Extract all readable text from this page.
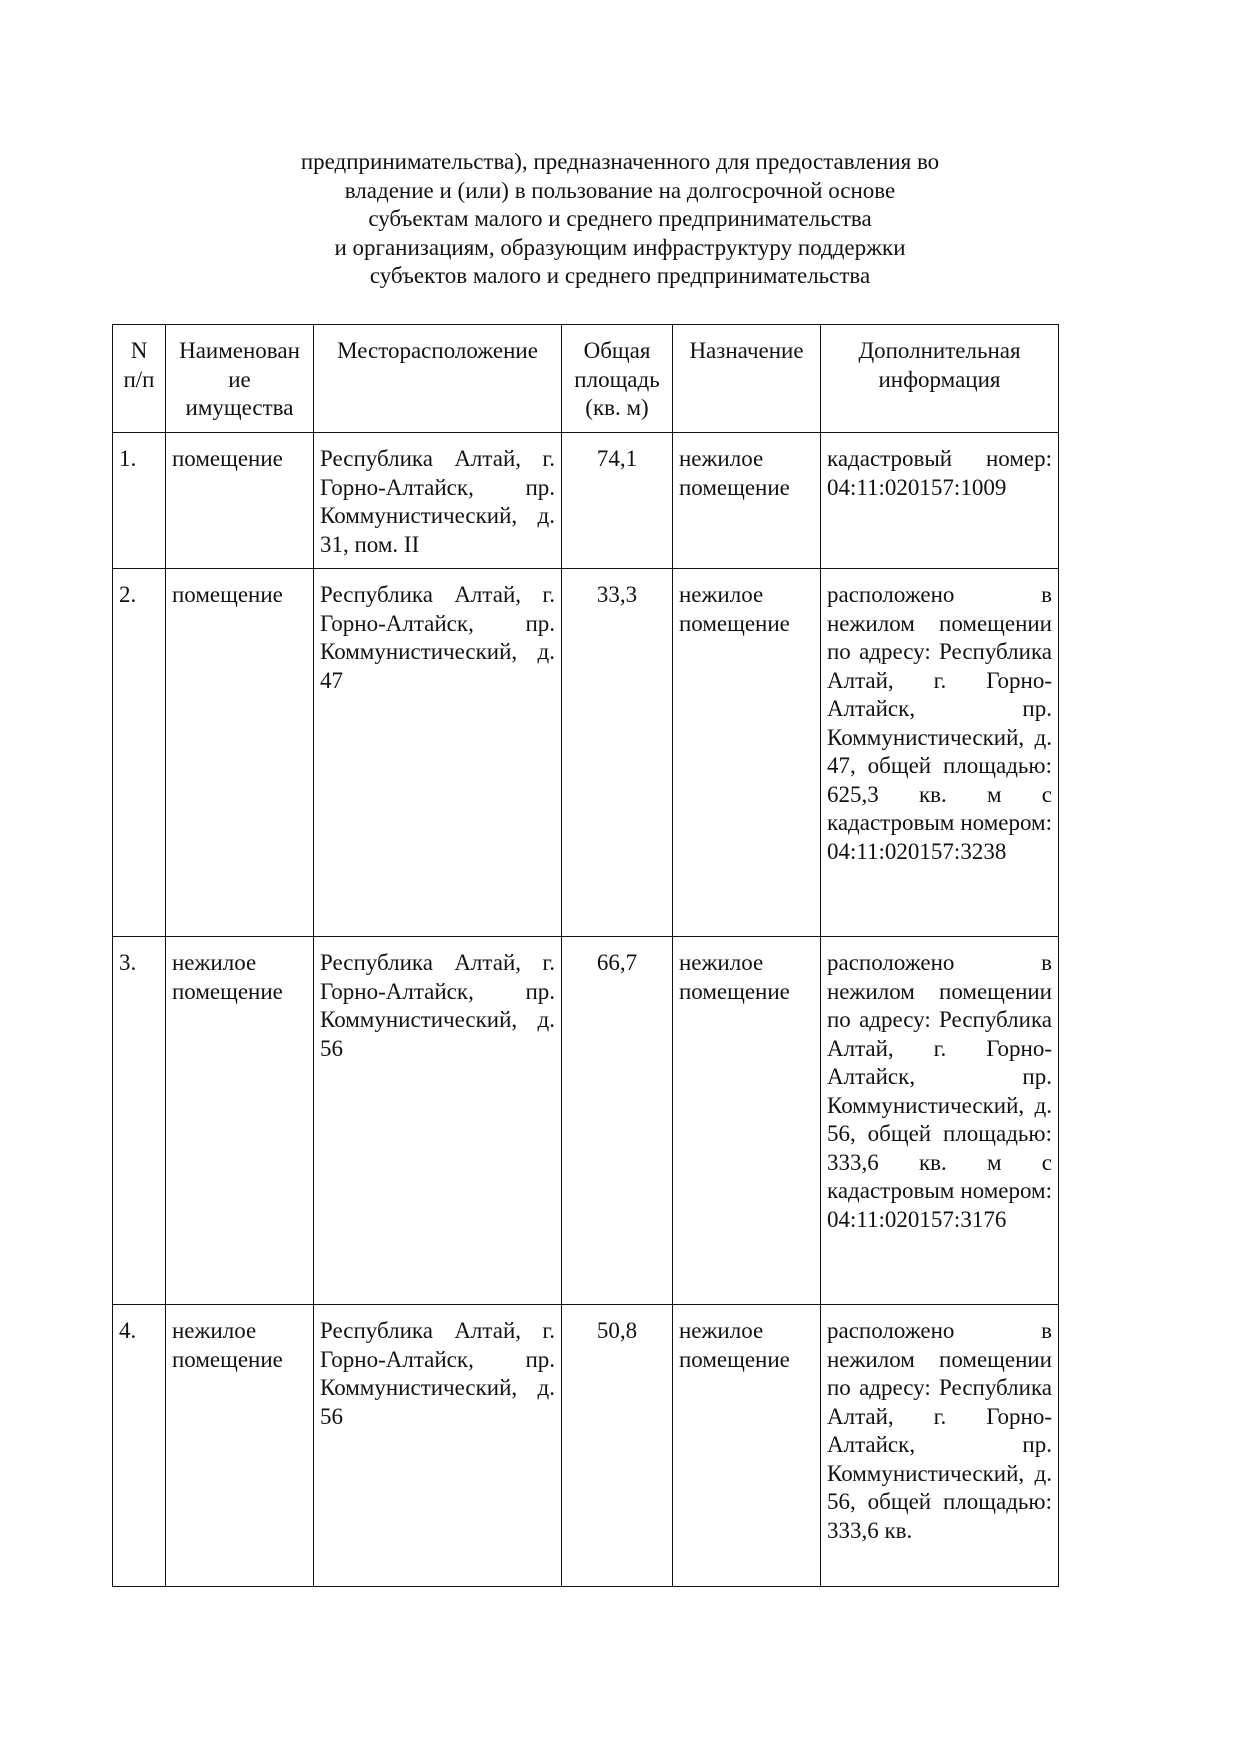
предпринимательства), предназначенного для предоставления во
владение и (или) в пользование на долгосрочной основе
субъектам малого и среднего предпринимательства
и организациям, образующим инфраструктуру поддержки
субъектов малого и среднего предпринимательства
N п/п	Наименован ие имущества	Месторасположение	Общая площадь (кв. м)	Назначение	Дополнительная информация
1.	помещение	Республика Алтай, г. Горно-Алтайск, пр. Коммунистический, д. 31, пом. II	74,1	нежилое помещение	кадастровый номер: 04:11:020157:1009
2.	помещение	Республика Алтай, г. Горно-Алтайск, пр. Коммунистический, д. 47	33,3	нежилое помещение	расположено в нежилом помещении по адресу: Республика Алтай, г. Горно-Алтайск, пр. Коммунистический, д. 47, общей площадью: 625,3 кв. м с кадастровым номером: 04:11:020157:3238
3.	нежилое помещение	Республика Алтай, г. Горно-Алтайск, пр. Коммунистический, д. 56	66,7	нежилое помещение	расположено в нежилом помещении по адресу: Республика Алтай, г. Горно-Алтайск, пр. Коммунистический, д. 56, общей площадью: 333,6 кв. м с кадастровым номером: 04:11:020157:3176
4.	нежилое помещение	Республика Алтай, г. Горно-Алтайск, пр. Коммунистический, д. 56	50,8	нежилое помещение	расположено в нежилом помещении по адресу: Республика Алтай, г. Горно-Алтайск, пр. Коммунистический, д. 56, общей площадью: 333,6 кв.
